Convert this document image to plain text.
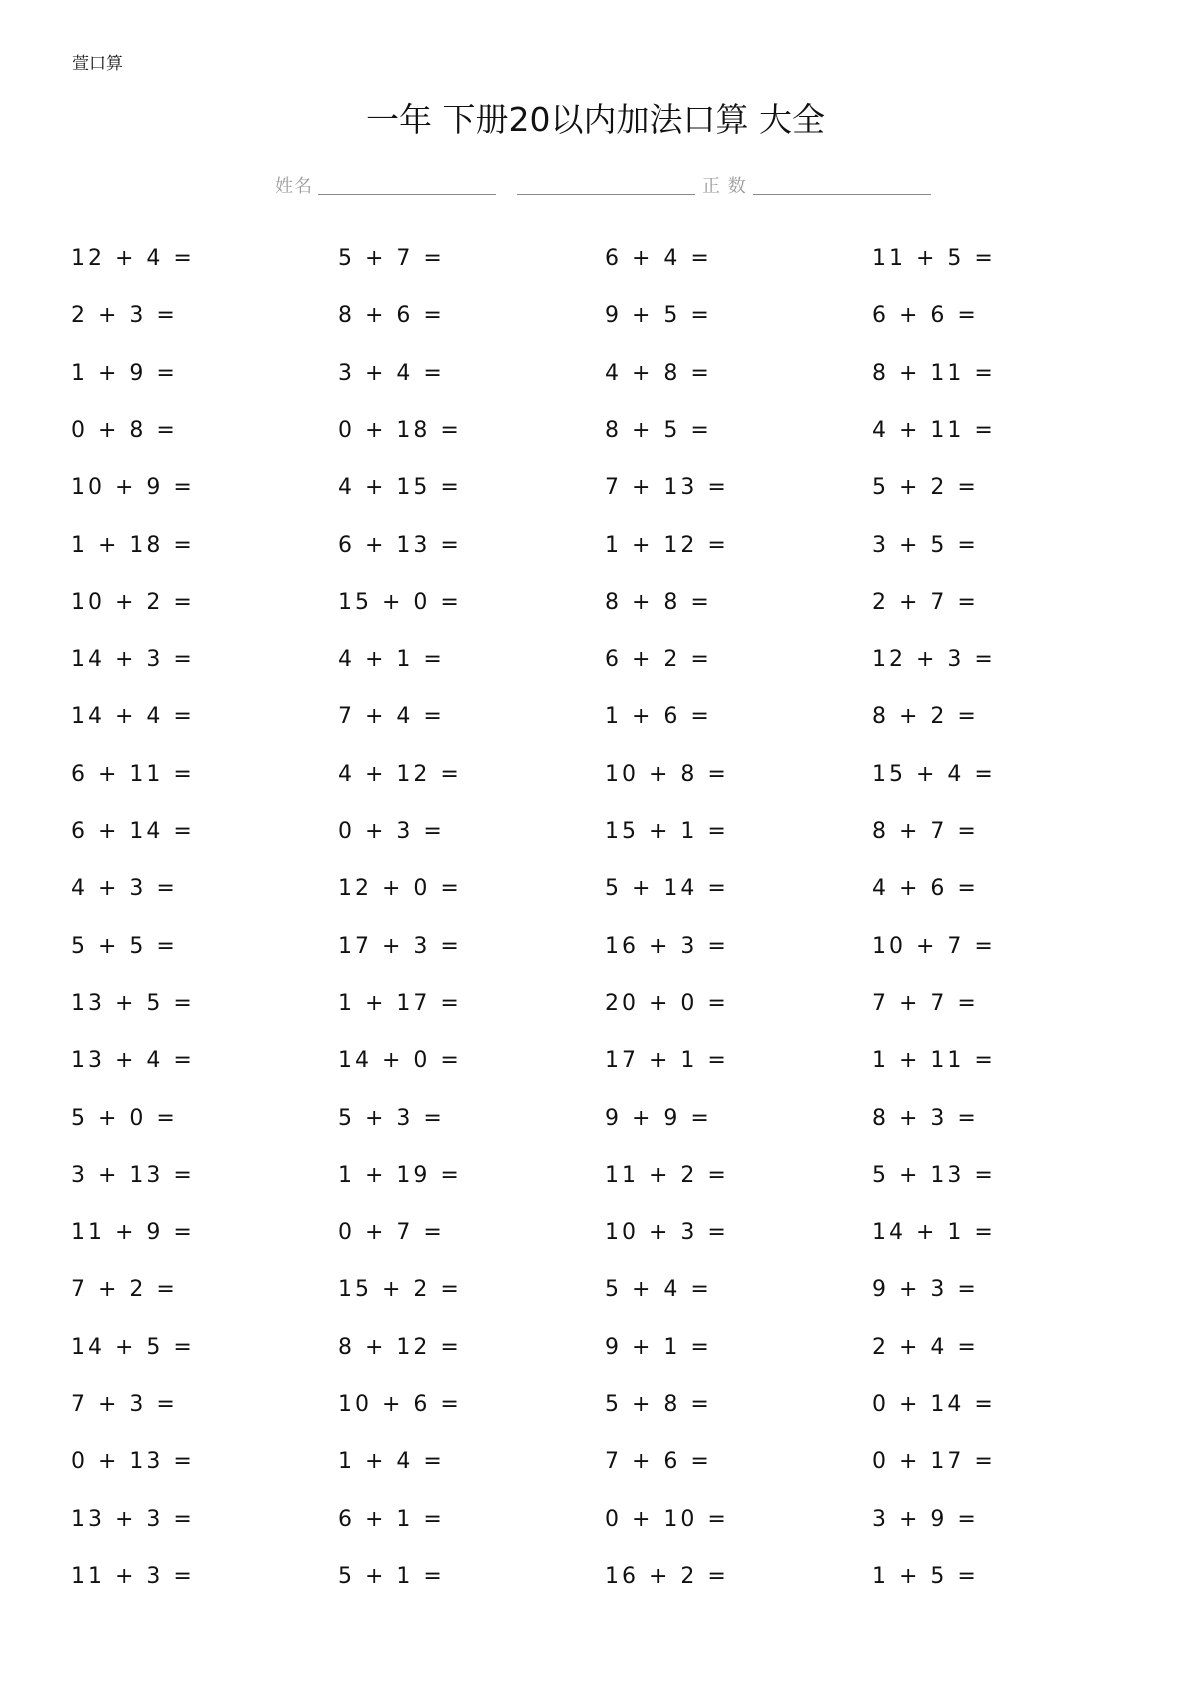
萱口算
一年 下册20以内加法口算 大全
姓名	正 数
12 + 4 =	5 + 7 =	6 + 4 =	11 + 5 =
2 + 3 =	8 + 6 =	9 + 5 =	6 + 6 =
1 + 9 =	3 + 4 =	4 + 8 =	8 + 11 =
0 + 8 =	0 + 18 =	8 + 5 =	4 + 11 =
10 + 9 =	4 + 15 =	7 + 13 =	5 + 2 =
1 + 18 =	6 + 13 =	1 + 12 =	3 + 5 =
10 + 2 =	15 + 0 =	8 + 8 =	2 + 7 =
14 + 3 =	4 + 1 =	6 + 2 =	12 + 3 =
14 + 4 =	7 + 4 =	1 + 6 =	8 + 2 =
6 + 11 =	4 + 12 =	10 + 8 =	15 + 4 =
6 + 14 =	0 + 3 =	15 + 1 =	8 + 7 =
4 + 3 =	12 + 0 =	5 + 14 =	4 + 6 =
5 + 5 =	17 + 3 =	16 + 3 =	10 + 7 =
13 + 5 =	1 + 17 =	20 + 0 =	7 + 7 =
13 + 4 =	14 + 0 =	17 + 1 =	1 + 11 =
5 + 0 =	5 + 3 =	9 + 9 =	8 + 3 =
3 + 13 =	1 + 19 =	11 + 2 =	5 + 13 =
11 + 9 =	0 + 7 =	10 + 3 =	14 + 1 =
7 + 2 =	15 + 2 =	5 + 4 =	9 + 3 =
14 + 5 =	8 + 12 =	9 + 1 =	2 + 4 =
7 + 3 =	10 + 6 =	5 + 8 =	0 + 14 =
0 + 13 =	1 + 4 =	7 + 6 =	0 + 17 =
13 + 3 =	6 + 1 =	0 + 10 =	3 + 9 =
11 + 3 =	5 + 1 =	16 + 2 =	1 + 5 =
